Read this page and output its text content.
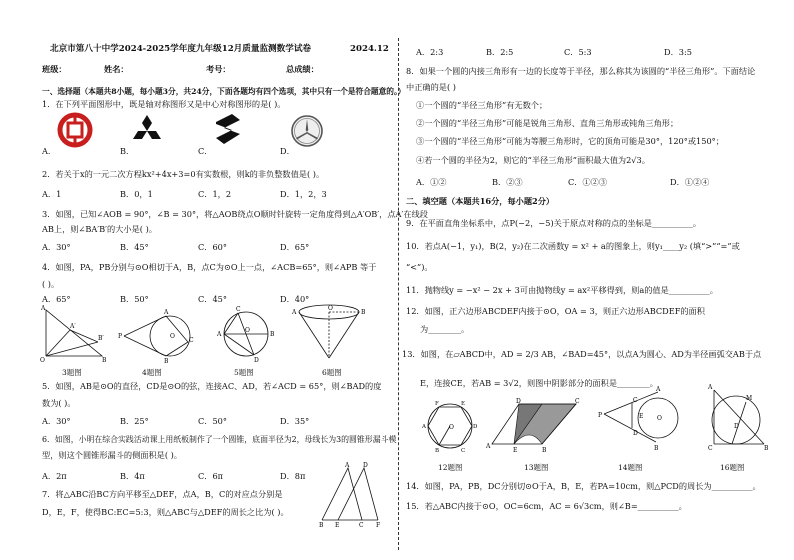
北京市第八十中学2024-2025学年度九年级12月质量监测数学试卷	2024.12
班级：	姓名：	考号：	总成绩：
一、选择题（本题共8小题，每小题3分，共24分，下面各题均有四个选项，其中只有一个是符合题意的。）
1．在下列平面图形中，既是轴对称图形又是中心对称图形的是( )。
A．	B．	C．	D．
2．若关于x的一元二次方程kx²+4x+3=0有实数根，则k的非负整数值是( )。
A．1	B．0，1	C．1，2	D．1，2，3
3．如图，已知∠AOB = 90°，∠B = 30°，将△AOB绕点O顺时针旋转一定角度得到△A′OB′，点A′在线段
AB上，则∠BA′B′的大小是( )。
A．30°	B．45°	C．60°	D．65°
4．如图，PA，PB分别与⊙O相切于A，B，点C为⊙O上一点，∠ACB=65°，则∠APB 等于
( )。
A．65°	B．50°	C．45°	D．40°
A
O	B
A′
B′ P
A
B
C
O	A	B
C
D
O
A	B
O
3题图	4题图	5题图	6题图
5．如图，AB是⊙O的直径，CD是⊙O的弦，连接AC、AD，若∠ACD = 65°，则∠BAD的度
数为( )。
A．30°	B．25°	C．50°	D．35°
6．如图，小明在综合实践活动课上用纸板制作了一个圆锥，底面半径为2，母线长为3的圆锥形漏斗模
型，则这个圆锥形漏斗的侧面积是( )。
A．2π	B．4π	C．6π	D．8π
7．将△ABC沿BC方向平移至△DEF，点A，B，C的对应点分别是
D，E，F，使得BC:EC=5:3，则△ABC与△DEF的周长之比为( )。
B E	C F
A D
A．2:3	B．2:5	C．5:3	D．3:5
8．如果一个圆的内接三角形有一边的长度等于半径，那么称其为该圆的“半径三角形”。下面结论
中正确的是( )
①一个圆的“半径三角形”有无数个；
②一个圆的“半径三角形”可能是锐角三角形、直角三角形或钝角三角形；
③一个圆的“半径三角形”可能为等腰三角形时，它的顶角可能是30°，120°或150°；
④若一个圆的半径为2，则它的“半径三角形”面积最大值为2√3。
A．①②	B．②③	C．①②③	D．①②④
二、填空题（本题共16分，每小题2分）
9．在平面直角坐标系中，点P(−2，−5)关于原点对称的点的坐标是__________。
10．若点A(−1，y₁)，B(2，y₂)在二次函数y = x² + a的图象上，则y₁____y₂ (填“>”“=”或
“<”)。
11．抛物线y = −x² − 2x + 3可由抛物线y = ax²平移得到，则a的值是__________。
12．如图，正六边形ABCDEF内接于⊙O，OA = 3，则正六边形ABCDEF的面积
为________。
13．如图，在▱ABCD中，AD = 2/3 AB，∠BAD=45°，以点A为圆心、AD为半径画弧交AB于点
E，连接CE，若AB = 3√2，则图中阴影部分的面积是________。
O
F	E
D
C
B
A
D	C
A
E	B
P
A
B
C
D
E O
A
C	B
M
D
12题图	13题图	14题图	16题图
14．如图，PA，PB，DC分别切⊙O于A，B，E，若PA=10cm，则△PCD的周长为__________。
15．若△ABC内接于⊙O，OC=6cm，AC = 6√3cm，则∠B=__________。
